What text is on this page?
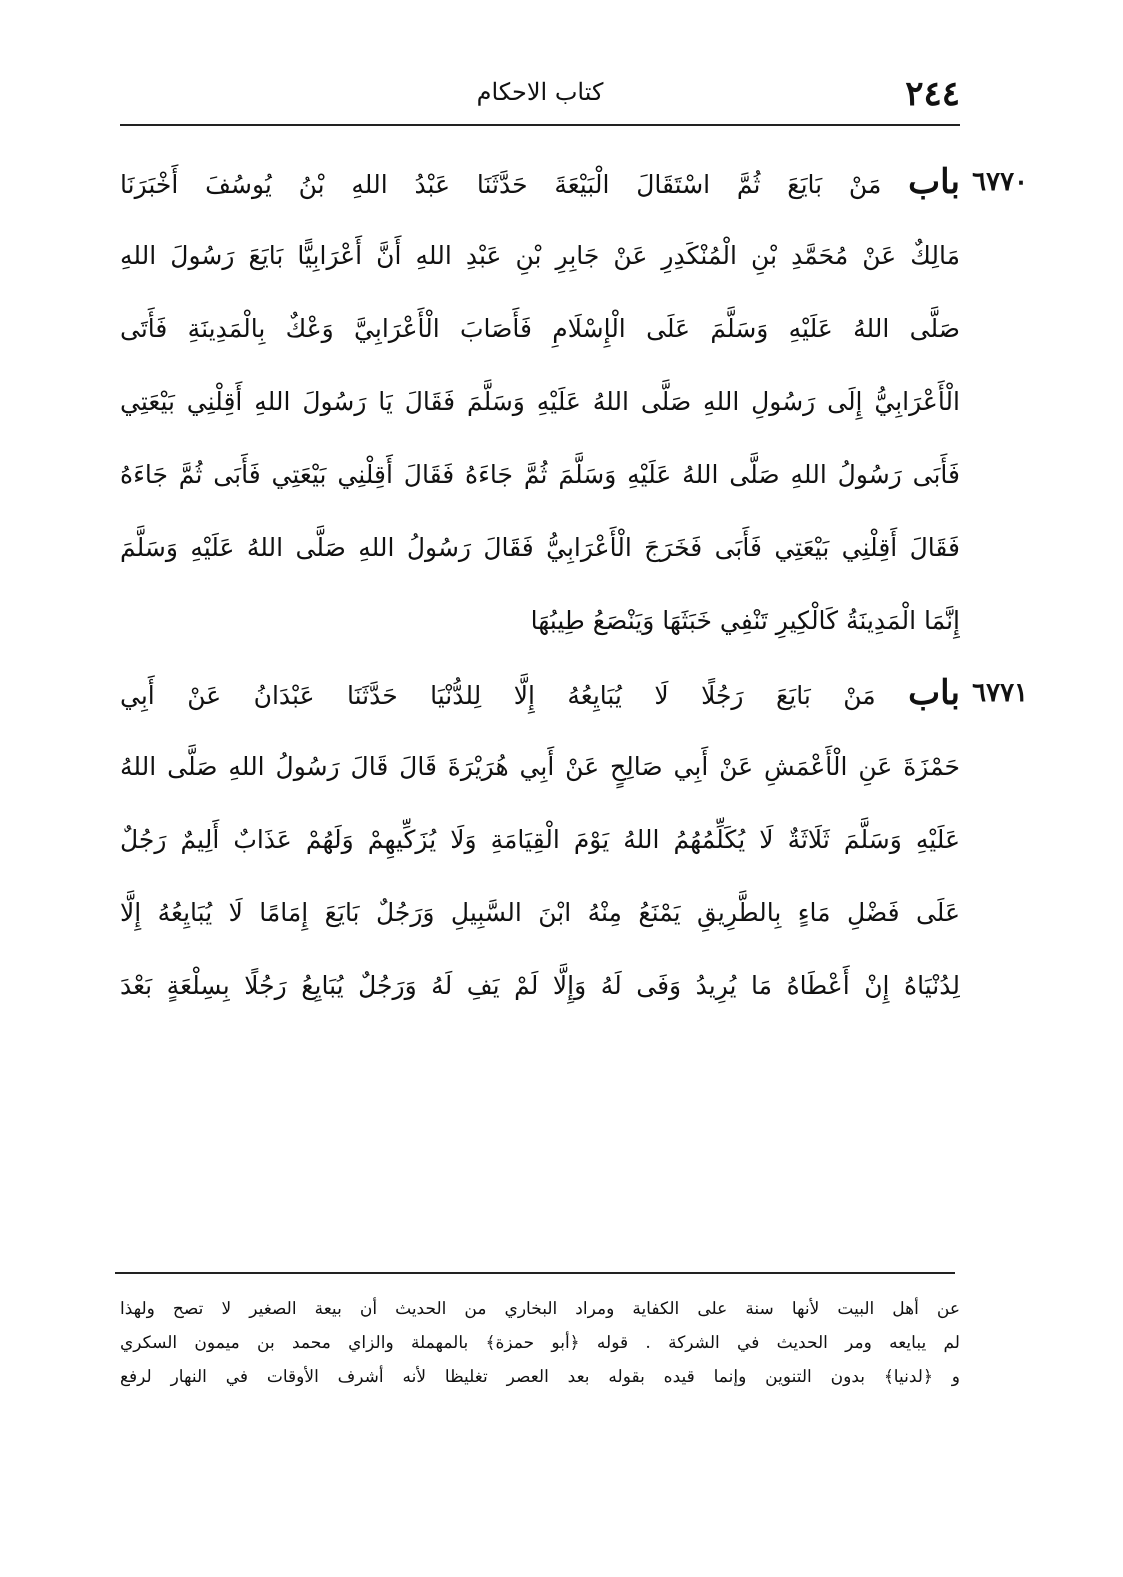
٢٤٤
كتاب الاحكام
٦٧٧٠
باب مَنْ بَايَعَ ثُمَّ اسْتَقَالَ الْبَيْعَةَ حَدَّثَنَا عَبْدُ اللهِ بْنُ يُوسُفَ أَخْبَرَنَا
مَالِكٌ عَنْ مُحَمَّدِ بْنِ الْمُنْكَدِرِ عَنْ جَابِرِ بْنِ عَبْدِ اللهِ أَنَّ أَعْرَابِيًّا بَايَعَ رَسُولَ اللهِ
صَلَّى اللهُ عَلَيْهِ وَسَلَّمَ عَلَى الْإِسْلَامِ فَأَصَابَ الْأَعْرَابِيَّ وَعْكٌ بِالْمَدِينَةِ فَأَتَى
الْأَعْرَابِيُّ إِلَى رَسُولِ اللهِ صَلَّى اللهُ عَلَيْهِ وَسَلَّمَ فَقَالَ يَا رَسُولَ اللهِ أَقِلْنِي بَيْعَتِي
فَأَبَى رَسُولُ اللهِ صَلَّى اللهُ عَلَيْهِ وَسَلَّمَ ثُمَّ جَاءَهُ فَقَالَ أَقِلْنِي بَيْعَتِي فَأَبَى ثُمَّ جَاءَهُ
فَقَالَ أَقِلْنِي بَيْعَتِي فَأَبَى فَخَرَجَ الْأَعْرَابِيُّ فَقَالَ رَسُولُ اللهِ صَلَّى اللهُ عَلَيْهِ وَسَلَّمَ
إِنَّمَا الْمَدِينَةُ كَالْكِيرِ تَنْفِي خَبَثَهَا وَيَنْصَعُ طِيبُهَا
٦٧٧١
باب مَنْ بَايَعَ رَجُلًا لَا يُبَايِعُهُ إِلَّا لِلدُّنْيَا حَدَّثَنَا عَبْدَانُ عَنْ أَبِي
حَمْزَةَ عَنِ الْأَعْمَشِ عَنْ أَبِي صَالِحٍ عَنْ أَبِي هُرَيْرَةَ قَالَ قَالَ رَسُولُ اللهِ صَلَّى اللهُ
عَلَيْهِ وَسَلَّمَ ثَلَاثَةٌ لَا يُكَلِّمُهُمُ اللهُ يَوْمَ الْقِيَامَةِ وَلَا يُزَكِّيهِمْ وَلَهُمْ عَذَابٌ أَلِيمٌ رَجُلٌ
عَلَى فَضْلِ مَاءٍ بِالطَّرِيقِ يَمْنَعُ مِنْهُ ابْنَ السَّبِيلِ وَرَجُلٌ بَايَعَ إِمَامًا لَا يُبَايِعُهُ إِلَّا
لِدُنْيَاهُ إِنْ أَعْطَاهُ مَا يُرِيدُ وَفَى لَهُ وَإِلَّا لَمْ يَفِ لَهُ وَرَجُلٌ يُبَايِعُ رَجُلًا بِسِلْعَةٍ بَعْدَ
عن أهل البيت لأنها سنة على الكفاية ومراد البخاري من الحديث أن بيعة الصغير لا تصح ولهذا
لم يبايعه ومر الحديث في الشركة . قوله ﴿أبو حمزة﴾ بالمهملة والزاي محمد بن ميمون السكري
و ﴿لدنيا﴾ بدون التنوين وإنما قيده بقوله بعد العصر تغليظا لأنه أشرف الأوقات في النهار لرفع
